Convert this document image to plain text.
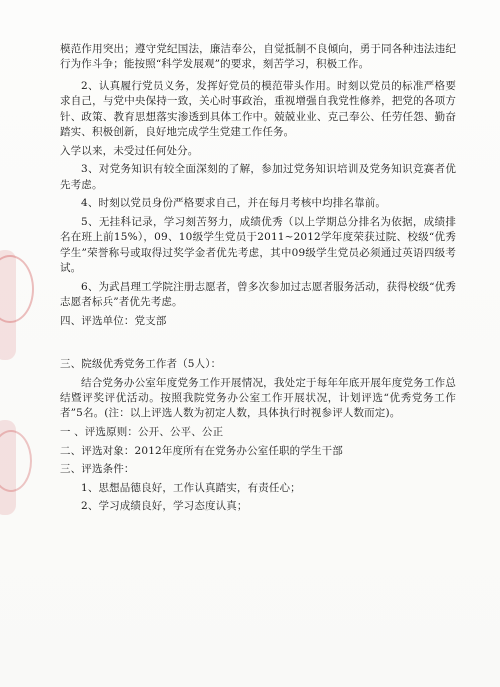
模范作用突出；遵守党纪国法，廉洁奉公，自觉抵制不良倾向，勇于同各种违法违纪行为作斗争；能按照“科学发展观”的要求，刻苦学习，积极工作。

2、认真履行党员义务，发挥好党员的模范带头作用。时刻以党员的标准严格要求自己，与党中央保持一致，关心时事政治，重视增强自我党性修养，把党的各项方针、政策、教育思想落实渗透到具体工作中。兢兢业业、克己奉公、任劳任怨、勤奋踏实、积极创新，良好地完成学生党建工作任务。

入学以来，未受过任何处分。

3、对党务知识有较全面深刻的了解，参加过党务知识培训及党务知识竞赛者优先考虑。

4、时刻以党员身份严格要求自己，并在每月考核中均排名靠前。

5、无挂科记录，学习刻苦努力，成绩优秀（以上学期总分排名为依据，成绩排名在班上前15%），09、10级学生党员于2011~2012学年度荣获过院、校级“优秀学生”荣誉称号或取得过奖学金者优先考虑，其中09级学生党员必须通过英语四级考试。

6、为武昌理工学院注册志愿者，曾多次参加过志愿者服务活动，获得校级“优秀志愿者标兵”者优先考虑。

四、评选单位：党支部

三、院级优秀党务工作者（5人）：

结合党务办公室年度党务工作开展情况，我处定于每年年底开展年度党务工作总结暨评奖评优活动。按照我院党务办公室工作开展状况，计划评选“优秀党务工作者”5名。(注：以上评选人数为初定人数，具体执行时视参评人数而定)。

一 、评选原则：公开、公平、公正

二、评选对象：2012年度所有在党务办公室任职的学生干部

三、评选条件：

1、思想品德良好，工作认真踏实，有责任心；

2、学习成绩良好，学习态度认真；
